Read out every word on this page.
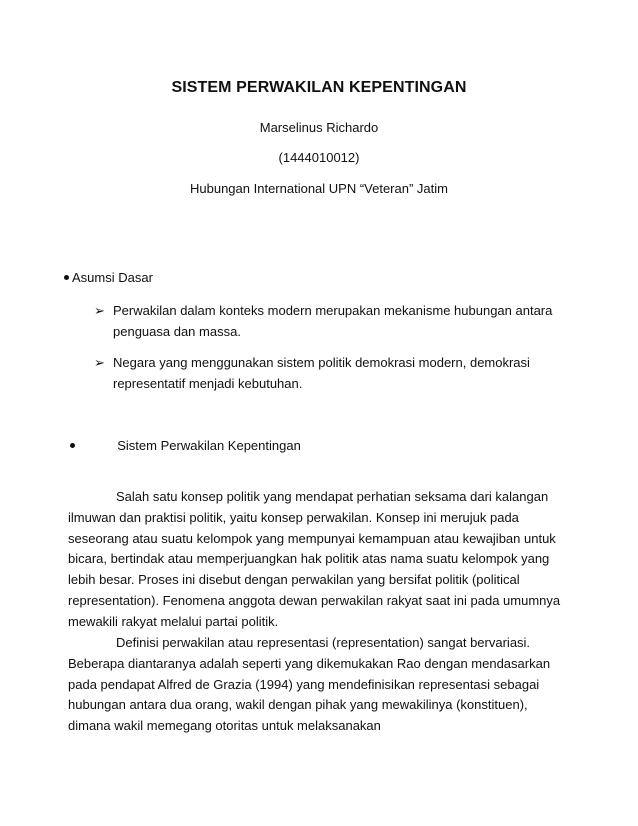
SISTEM PERWAKILAN KEPENTINGAN
Marselinus Richardo
(1444010012)
Hubungan International UPN “Veteran” Jatim
Asumsi Dasar
➢ Perwakilan dalam konteks modern merupakan mekanisme hubungan antara penguasa dan massa.
➢ Negara yang menggunakan sistem politik demokrasi modern, demokrasi representatif menjadi kebutuhan.
Sistem Perwakilan Kepentingan

Salah satu konsep politik yang mendapat perhatian seksama dari kalangan ilmuwan dan praktisi politik, yaitu konsep perwakilan. Konsep ini merujuk pada seseorang atau suatu kelompok yang mempunyai kemampuan atau kewajiban untuk bicara, bertindak atau memperjuangkan hak politik atas nama suatu kelompok yang lebih besar. Proses ini disebut dengan perwakilan yang bersifat politik (political representation). Fenomena anggota dewan perwakilan rakyat saat ini pada umumnya mewakili rakyat melalui partai politik.

Definisi perwakilan atau representasi (representation) sangat bervariasi. Beberapa diantaranya adalah seperti yang dikemukakan Rao dengan mendasarkan pada pendapat Alfred de Grazia (1994) yang mendefinisikan representasi sebagai hubungan antara dua orang, wakil dengan pihak yang mewakilinya (konstituen), dimana wakil memegang otoritas untuk melaksanakan
